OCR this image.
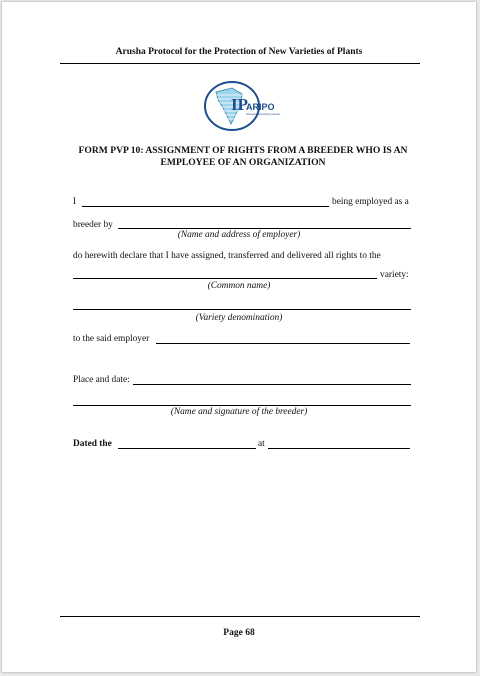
Arusha Protocol for the Protection of New Varieties of Plants
IP
ARIPO
African Regional Intellectual Property Organization
FORM PVP 10: ASSIGNMENT OF RIGHTS FROM A BREEDER WHO IS AN
EMPLOYEE OF AN ORGANIZATION
I	being employed as a
breeder by
(Name and address of employer)
do herewith declare that I have assigned, transferred and delivered all rights to the
variety:
(Common name)
(Variety denomination)
to the said employer
Place and date:
(Name and signature of the breeder)
Dated the	at
Page 68
